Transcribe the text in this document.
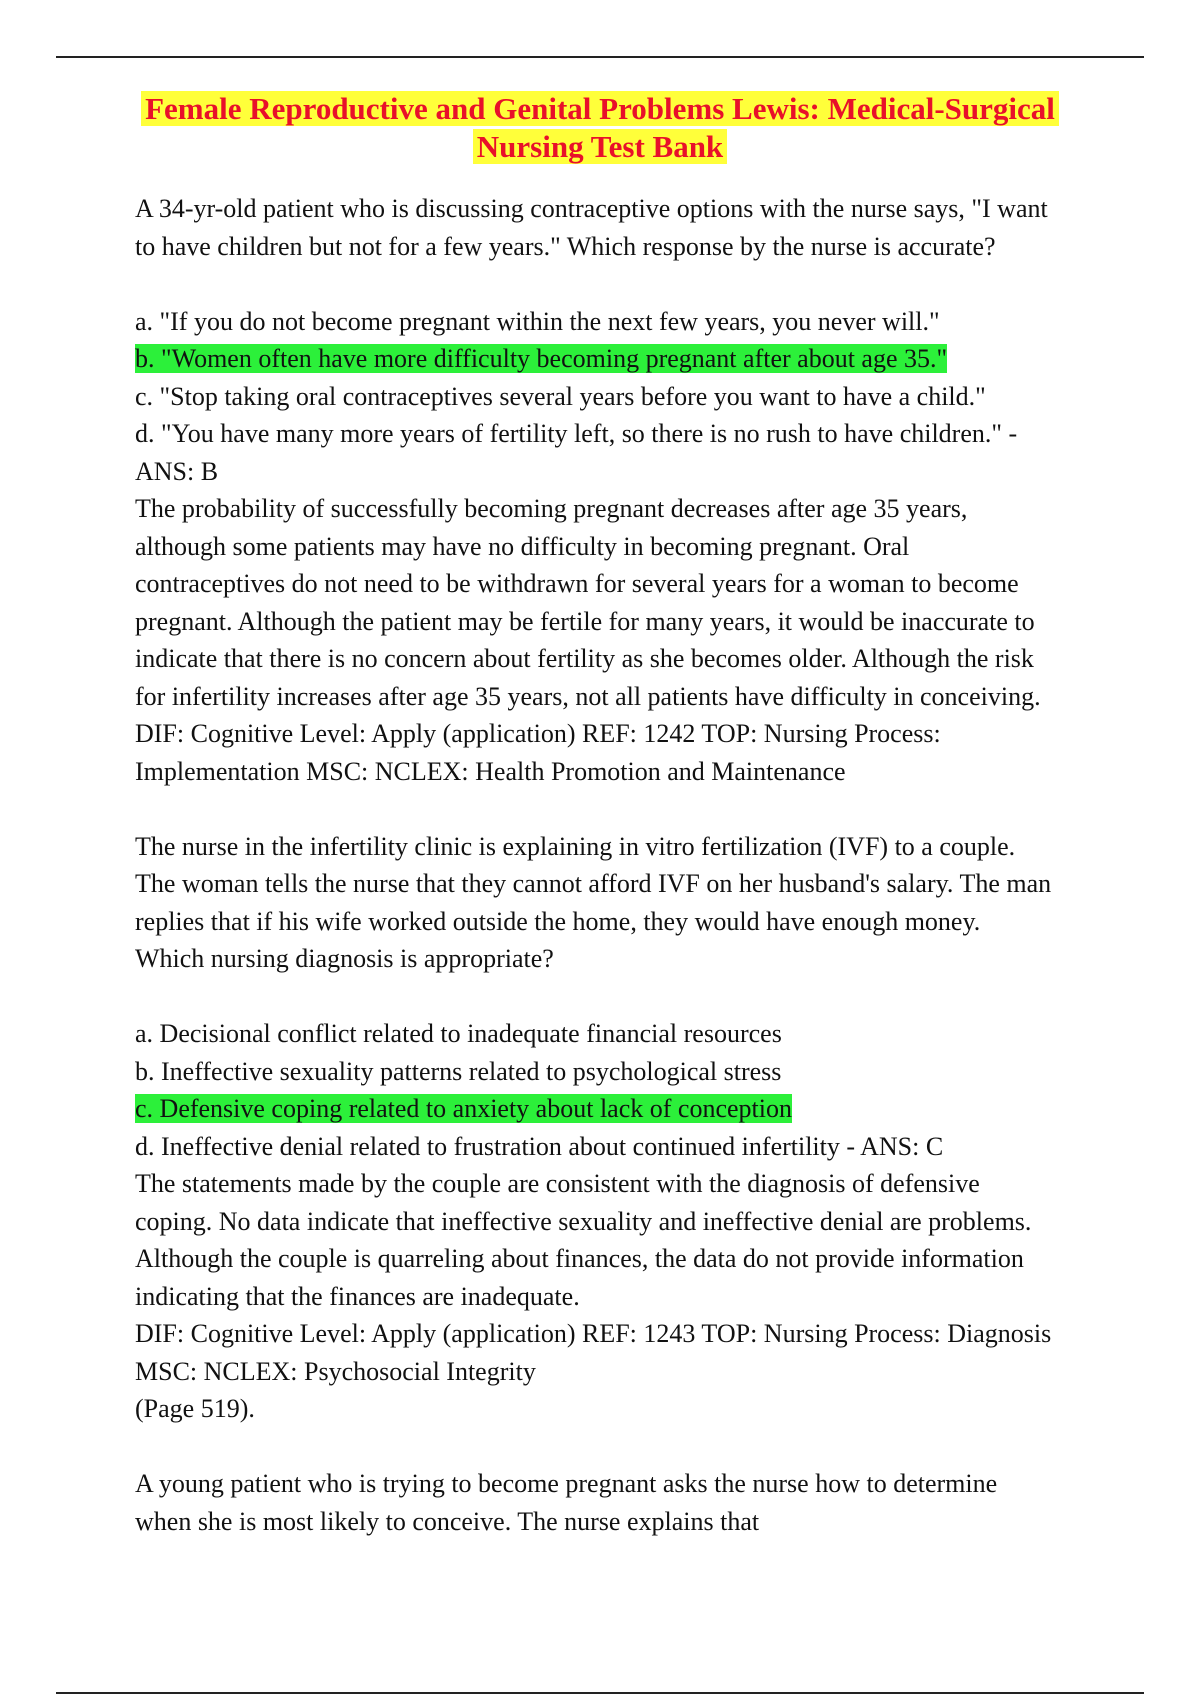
Female Reproductive and Genital Problems Lewis: Medical-Surgical
Nursing Test Bank
A 34-yr-old patient who is discussing contraceptive options with the nurse says, "I want
to have children but not for a few years." Which response by the nurse is accurate?
a. "If you do not become pregnant within the next few years, you never will."
b. "Women often have more difficulty becoming pregnant after about age 35."
c. "Stop taking oral contraceptives several years before you want to have a child."
d. "You have many more years of fertility left, so there is no rush to have children." -
ANS: B
The probability of successfully becoming pregnant decreases after age 35 years,
although some patients may have no difficulty in becoming pregnant. Oral
contraceptives do not need to be withdrawn for several years for a woman to become
pregnant. Although the patient may be fertile for many years, it would be inaccurate to
indicate that there is no concern about fertility as she becomes older. Although the risk
for infertility increases after age 35 years, not all patients have difficulty in conceiving.
DIF: Cognitive Level: Apply (application) REF: 1242 TOP: Nursing Process:
Implementation MSC: NCLEX: Health Promotion and Maintenance
The nurse in the infertility clinic is explaining in vitro fertilization (IVF) to a couple.
The woman tells the nurse that they cannot afford IVF on her husband's salary. The man
replies that if his wife worked outside the home, they would have enough money.
Which nursing diagnosis is appropriate?
a. Decisional conflict related to inadequate financial resources
b. Ineffective sexuality patterns related to psychological stress
c. Defensive coping related to anxiety about lack of conception
d. Ineffective denial related to frustration about continued infertility - ANS: C
The statements made by the couple are consistent with the diagnosis of defensive
coping. No data indicate that ineffective sexuality and ineffective denial are problems.
Although the couple is quarreling about finances, the data do not provide information
indicating that the finances are inadequate.
DIF: Cognitive Level: Apply (application) REF: 1243 TOP: Nursing Process: Diagnosis
MSC: NCLEX: Psychosocial Integrity
(Page 519).
A young patient who is trying to become pregnant asks the nurse how to determine
when she is most likely to conceive. The nurse explains that
